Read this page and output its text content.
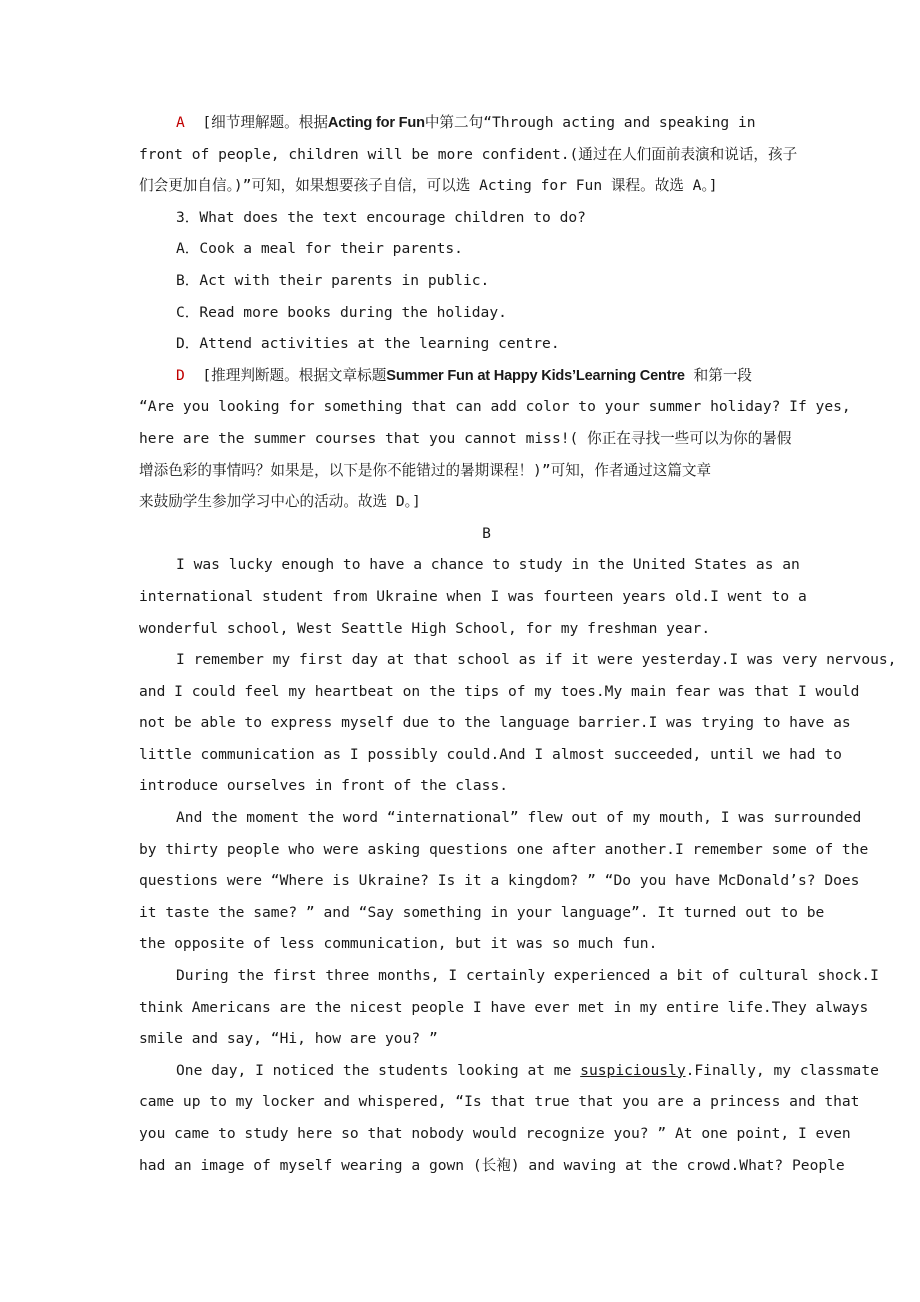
A [细节理解题。根据Acting for Fun中第二句“Through acting and speaking in
front of people, children will be more confident.(通过在人们面前表演和说话，孩子
们会更加自信。)”可知，如果想要孩子自信，可以选 Acting for Fun 课程。故选 A。]
3．What does the text encourage children to do?
A．Cook a meal for their parents.
B．Act with their parents in public.
C．Read more books during the holiday.
D．Attend activities at the learning centre.
D [推理判断题。根据文章标题Summer Fun at Happy Kids’Learning Centre 和第一段
“Are you looking for something that can add color to your summer holiday? If yes,
here are the summer courses that you cannot miss!( 你正在寻找一些可以为你的暑假
增添色彩的事情吗？如果是，以下是你不能错过的暑期课程！)”可知，作者通过这篇文章
来鼓励学生参加学习中心的活动。故选 D。]
B
I was lucky enough to have a chance to study in the United States as an
international student from Ukraine when I was fourteen years old.I went to a
wonderful school, West Seattle High School, for my freshman year.
I remember my first day at that school as if it were yesterday.I was very nervous,
and I could feel my heartbeat on the tips of my toes.My main fear was that I would
not be able to express myself due to the language barrier.I was trying to have as
little communication as I possibly could.And I almost succeeded, until we had to
introduce ourselves in front of the class.
And the moment the word “international” flew out of my mouth, I was surrounded
by thirty people who were asking questions one after another.I remember some of the
questions were “Where is Ukraine? Is it a kingdom? ” “Do you have McDonald’s? Does
it taste the same? ” and “Say something in your language”. It turned out to be
the opposite of less communication, but it was so much fun.
During the first three months, I certainly experienced a bit of cultural shock.I
think Americans are the nicest people I have ever met in my entire life.They always
smile and say, “Hi, how are you? ”
One day, I noticed the students looking at me suspiciously.Finally, my classmate
came up to my locker and whispered, “Is that true that you are a princess and that
you came to study here so that nobody would recognize you? ” At one point, I even
had an image of myself wearing a gown (长袍) and waving at the crowd.What? People
